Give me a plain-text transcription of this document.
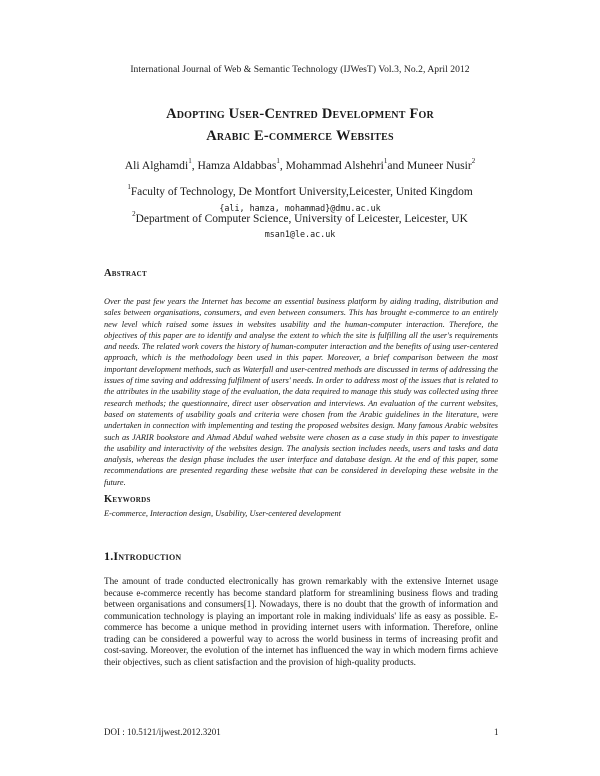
International Journal of Web & Semantic Technology (IJWesT) Vol.3, No.2, April 2012
Adopting User-Centred Development For
Arabic E-commerce Websites
Ali Alghamdi$^1$, Hamza Aldabbas$^1$, Mohammad Alshehri$^1$and Muneer Nusir$^2$
$^1$Faculty of Technology, De Montfort University,Leicester, United Kingdom
{ali, hamza, mohammad}@dmu.ac.uk
$^2$Department of Computer Science, University of Leicester, Leicester, UK
msan1@le.ac.uk
Abstract
Over the past few years the Internet has become an essential business platform by aiding trading, distribution and sales between organisations, consumers, and even between consumers. This has brought e-commerce to an entirely new level which raised some issues in websites usability and the human-computer interaction. Therefore, the objectives of this paper are to identify and analyse the extent to which the site is fulfilling all the user's requirements and needs. The related work covers the history of human-computer interaction and the benefits of using user-centered approach, which is the methodology been used in this paper. Moreover, a brief comparison between the most important development methods, such as Waterfall and user-centred methods are discussed in terms of addressing the issues of time saving and addressing fulfilment of users' needs. In order to address most of the issues that is related to the attributes in the usability stage of the evaluation, the data required to manage this study was collected using three research methods; the questionnaire, direct user observation and interviews. An evaluation of the current websites, based on statements of usability goals and criteria were chosen from the Arabic guidelines in the literature, were undertaken in connection with implementing and testing the proposed websites design. Many famous Arabic websites such as JARIR bookstore and Ahmad Abdul wahed website were chosen as a case study in this paper to investigate the usability and interactivity of the websites design. The analysis section includes needs, users and tasks and data analysis, whereas the design phase includes the user interface and database design. At the end of this paper, some recommendations are presented regarding these website that can be considered in developing these website in the future.
Keywords
E-commerce, Interaction design, Usability, User-centered development
1.Introduction
The amount of trade conducted electronically has grown remarkably with the extensive Internet usage because e-commerce recently has become standard platform for streamlining business flows and trading between organisations and consumers[1]. Nowadays, there is no doubt that the growth of information and communication technology is playing an important role in making individuals' life as easy as possible. E-commerce has become a unique method in providing internet users with information. Therefore, online trading can be considered a powerful way to across the world business in terms of increasing profit and cost-saving. Moreover, the evolution of the internet has influenced the way in which modern firms achieve their objectives, such as client satisfaction and the provision of high-quality products.
DOI : 10.5121/ijwest.2012.3201	1
